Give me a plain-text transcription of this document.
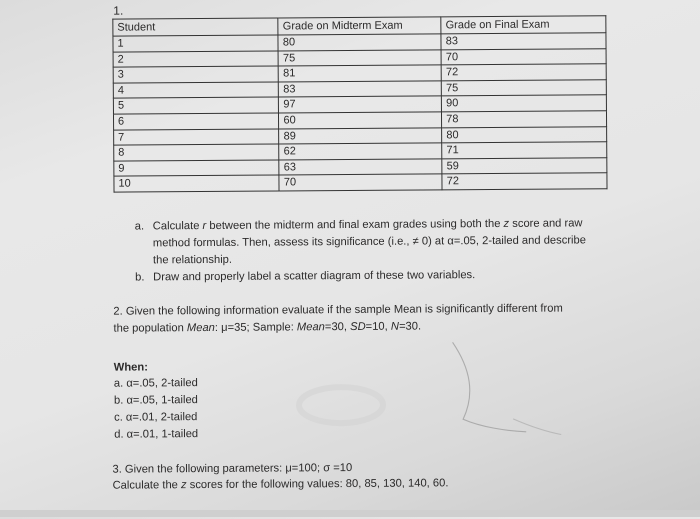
1.
Student	Grade on Midterm Exam	Grade on Final Exam
1	80	83
2	75	70
3	81	72
4	83	75
5	97	90
6	60	78
7	89	80
8	62	71
9	63	59
10	70	72
a. Calculate r between the midterm and final exam grades using both the z score and raw
method formulas. Then, assess its significance (i.e., ≠ 0) at α=.05, 2-tailed and describe
the relationship.
b. Draw and properly label a scatter diagram of these two variables.
2. Given the following information evaluate if the sample Mean is significantly different from
the population Mean: μ=35; Sample: Mean=30, SD=10, N=30.
When:
a. α=.05, 2-tailed
b. α=.05, 1-tailed
c. α=.01, 2-tailed
d. α=.01, 1-tailed
3. Given the following parameters: μ=100; σ =10
Calculate the z scores for the following values: 80, 85, 130, 140, 60.
